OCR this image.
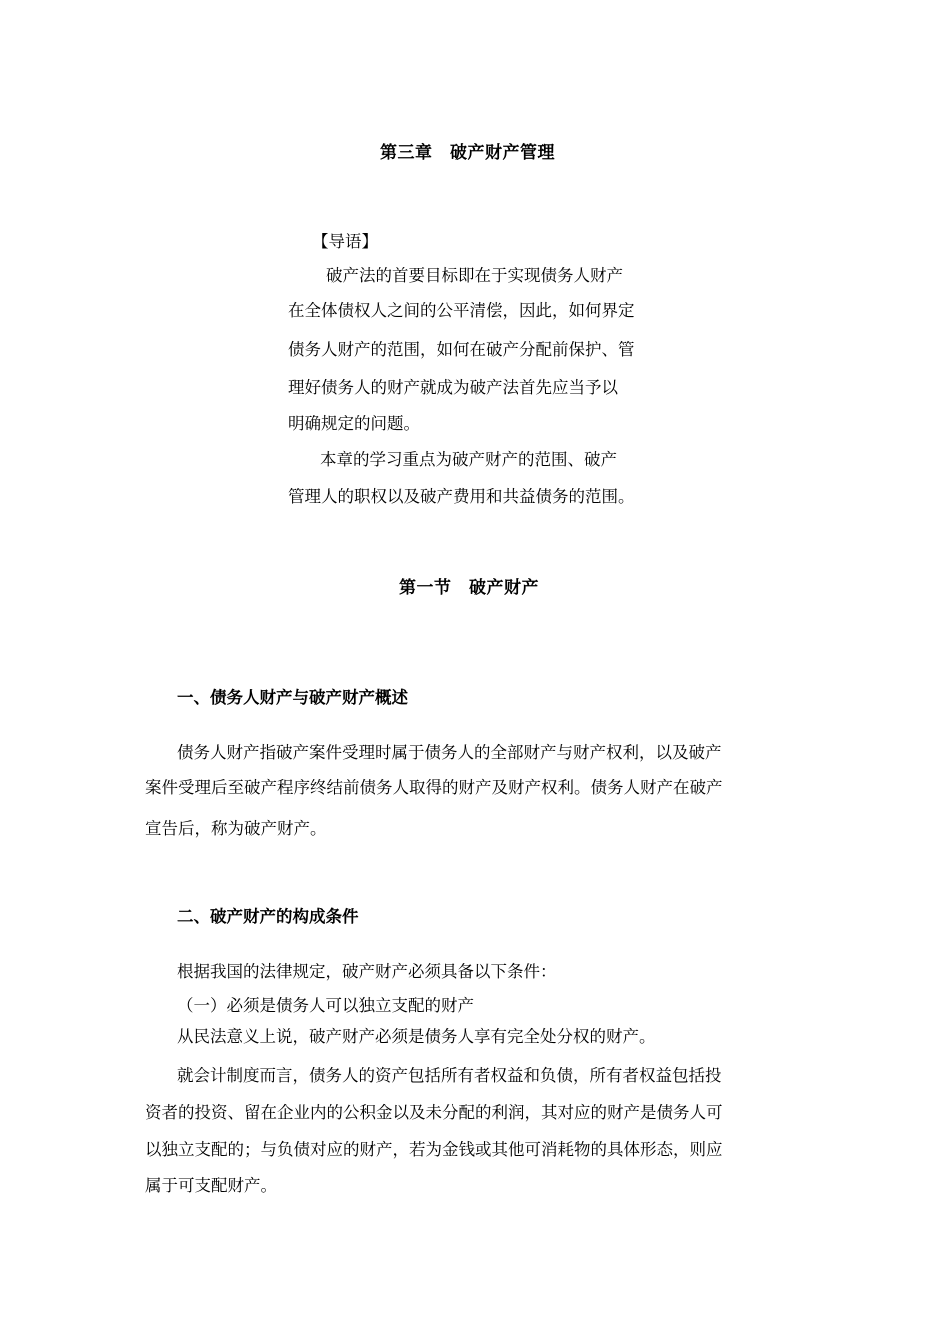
第三章　破产财产管理
【导语】
破产法的首要目标即在于实现债务人财产
在全体债权人之间的公平清偿，因此，如何界定
债务人财产的范围，如何在破产分配前保护、管
理好债务人的财产就成为破产法首先应当予以
明确规定的问题。
本章的学习重点为破产财产的范围、破产
管理人的职权以及破产费用和共益债务的范围。
第一节　破产财产
一、债务人财产与破产财产概述
债务人财产指破产案件受理时属于债务人的全部财产与财产权利，以及破产
案件受理后至破产程序终结前债务人取得的财产及财产权利。债务人财产在破产
宣告后，称为破产财产。
二、破产财产的构成条件
根据我国的法律规定，破产财产必须具备以下条件：
（一）必须是债务人可以独立支配的财产
从民法意义上说，破产财产必须是债务人享有完全处分权的财产。
就会计制度而言，债务人的资产包括所有者权益和负债，所有者权益包括投
资者的投资、留在企业内的公积金以及未分配的利润，其对应的财产是债务人可
以独立支配的；与负债对应的财产，若为金钱或其他可消耗物的具体形态，则应
属于可支配财产。
